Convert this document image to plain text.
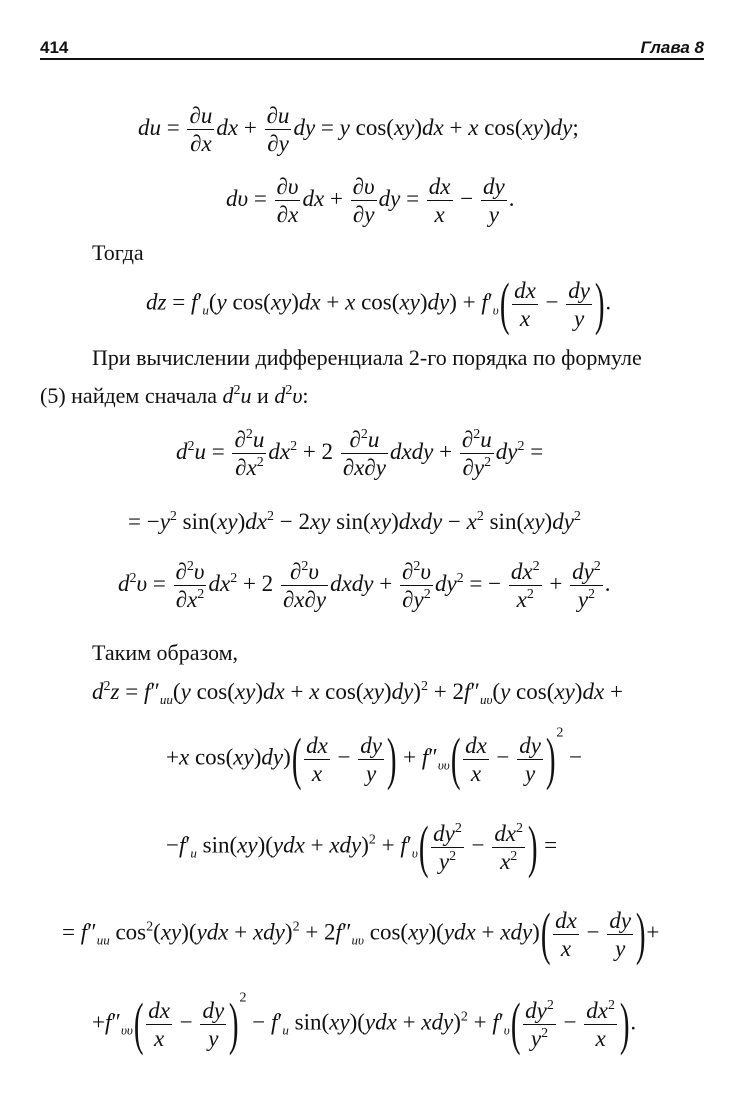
414	Глава 8
du = $\frac{\partial u}{\partial x}$ dx + $\frac{\partial u}{\partial y}$ dy = y cos(xy)dx + x cos(xy)dy;
$d\upsilon = \frac{\partial\upsilon}{\partial x}$ dx + $\frac{\partial\upsilon}{\partial y}$ dy = $\frac{dx}{x} - \frac{dy}{y}$ .
Тогда
dz = $f'_u(y$ cos(xy)dx + x $\cos(xy)dy) + f'_\upsilon( \frac{dx}{x} - \frac{dy}{y}$ ).
При вычислении дифференциала 2-го порядка по формуле
(5) найдем сначала $d^2u$ и $d^2\upsilon$:
$d^2u = \frac{\partial^2u}{\partial x^2} dx^2 + 2 \frac{\partial^2u}{\partial x\partial y}$ dxdy + $\frac{\partial^2u}{\partial y^2} dy^2$ =
= $-y^2$ $\sin(xy)dx^2 - 2xy$ sin(xy)dxdy − $x^2$ $\sin(xy)dy^2$
$d^2\upsilon = \frac{\partial^2\upsilon}{\partial x^2} dx^2 + 2 \frac{\partial^2\upsilon}{\partial x\partial y}$ dxdy + $\frac{\partial^2\upsilon}{\partial y^2} dy^2$ = − $\frac{dx^2}{x^2} + \frac{dy^2}{y^2}$ .
Таким образом,
$d^2z = f''_{uu}(y$ cos(xy)dx + x $\cos(xy)dy)^2 + 2f''_{u\upsilon}(y$ cos(xy)dx +
+x $\cos(xy)dy)( \frac{dx}{x} - \frac{dy}{y}$ ) + $f''_{\upsilon\upsilon}( \frac{dx}{x} - \frac{dy}{y} )^2$ −
$-f'_u$ $\sin(xy)(ydx + xdy)^2 + f'_\upsilon( \frac{dy^2}{y^2} - \frac{dx^2}{x^2}$ ) =
= $f''_{uu}$ $\cos^2(xy)(ydx + xdy)^2 + 2f''_{u\upsilon}$ $\cos(xy)(ydx + xdy)( \frac{dx}{x} - \frac{dy}{y}$ )+
$+f''_{\upsilon\upsilon}( \frac{dx}{x} - \frac{dy}{y} )^2 - f'_u$ $\sin(xy)(ydx + xdy)^2 + f'_\upsilon( \frac{dy^2}{y^2} - \frac{dx^2}{x}$ ).
